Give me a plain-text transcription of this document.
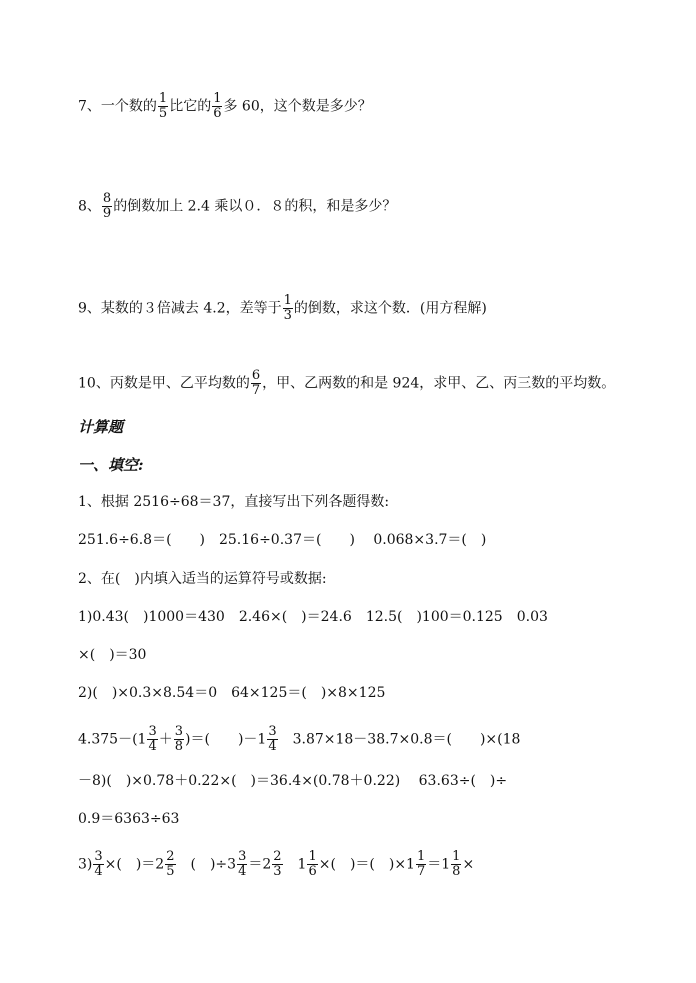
7、一个数的 $\frac{1}{5}$ 比它的 $\frac{1}{6}$ 多 60，这个数是多少？
8、 $\frac{8}{9}$ 的倒数加上 2.4 乘以０．８的积，和是多少？
9、某数的３倍减去 4.2，差等于 $\frac{1}{3}$ 的倒数，求这个数．(用方程解)
10、丙数是甲、乙平均数的 $\frac{6}{7}$ ，甲、乙两数的和是 924，求甲、乙、丙三数的平均数。
计算题
一、填空:
1、根据 2516÷68＝37，直接写出下列各题得数:
251.6÷6.8＝(　　)　25.16÷0.37＝(　　)　 0.068×3.7＝(　)
2、在(　)内填入适当的运算符号或数据:
1)0.43(　)1000＝430　2.46×(　)＝24.6　12.5(　)100＝0.125　0.03
×(　)＝30
2)(　)×0.3×8.54＝0　64×125＝(　)×8×125
$4.375-(1 \frac{3}{4} + \frac{3}{8}$ )＝(　　)$-1 \frac{3}{4}$ 　3.87×18－38.7×0.8＝(　　)×(18
－8)(　)×0.78＋0.22×(　)＝36.4×(0.78＋0.22)　 63.63÷(　)÷
0.9＝6363÷63
$3) \frac{3}{4}$ ×(　)$=2 \frac{2}{5}$ 　(　)$\div 3 \frac{3}{4} =2 \frac{2}{3}$ 　$1 \frac{1}{6}$ ×(　)＝(　)$\times 1 \frac{1}{7} =1 \frac{1}{8}$ ×
